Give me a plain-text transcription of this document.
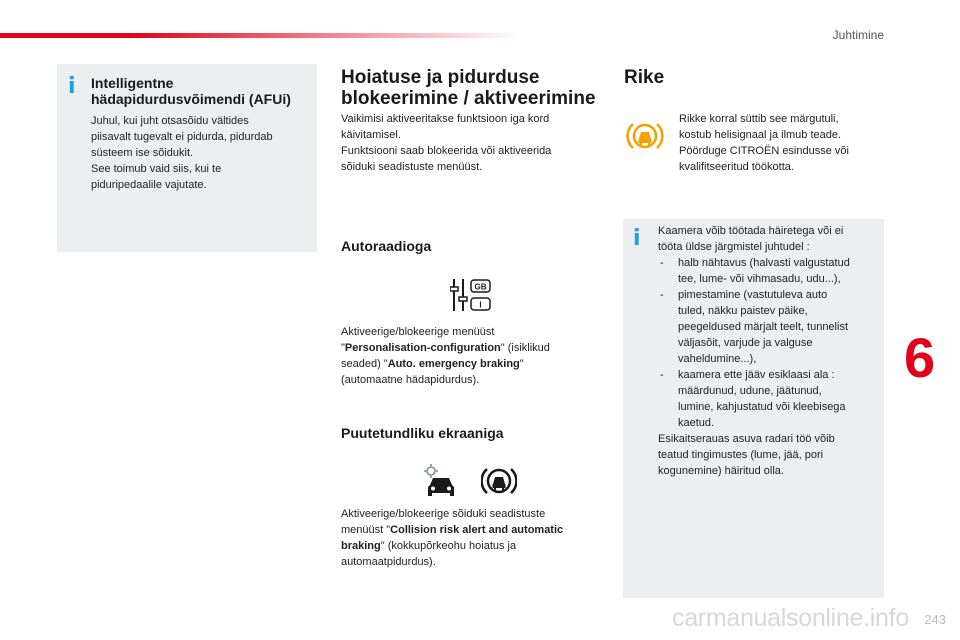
Juhtimine
6
i Intelligentne
hädapidurdusvõimendi (AFUi)
Juhul, kui juht otsasõidu vältides
piisavalt tugevalt ei pidurda, pidurdab
süsteem ise sõidukit.
See toimub vaid siis, kui te
piduripedaalile vajutate.
Hoiatuse ja pidurduse
blokeerimine / aktiveerimine
Vaikimisi aktiveeritakse funktsioon iga kord
käivitamisel.
Funktsiooni saab blokeerida või aktiveerida
sõiduki seadistuste menüüst.
Autoraadioga
GB
I
Aktiveerige/blokeerige menüüst
"Personalisation-configuration" (isiklikud
seaded) "Auto. emergency braking"
(automaatne hädapidurdus).
Puutetundliku ekraaniga
Aktiveerige/blokeerige sõiduki seadistuste
menüüst "Collision risk alert and automatic
braking" (kokkupõrkeohu hoiatus ja
automaatpidurdus).
Rike
Rikke korral süttib see märgutuli,
kostub helisignaal ja ilmub teade.
Pöörduge CITROËN esindusse või
kvalifitseeritud töökotta.
i Kaamera võib töötada häiretega või ei
tööta üldse järgmistel juhtudel :
- halb nähtavus (halvasti valgustatud
tee, lume- või vihmasadu, udu...),
- pimestamine (vastutuleva auto
tuled, näkku paistev päike,
peegeldused märjalt teelt, tunnelist
väljasõit, varjude ja valguse
vaheldumine...),
- kaamera ette jääv esiklaasi ala :
määrdunud, udune, jäätunud,
lumine, kahjustatud või kleebisega
kaetud.
Esikaitserauas asuva radari töö võib
teatud tingimustes (lume, jää, pori
kogunemine) häiritud olla.
carmanualsonline.info 243
